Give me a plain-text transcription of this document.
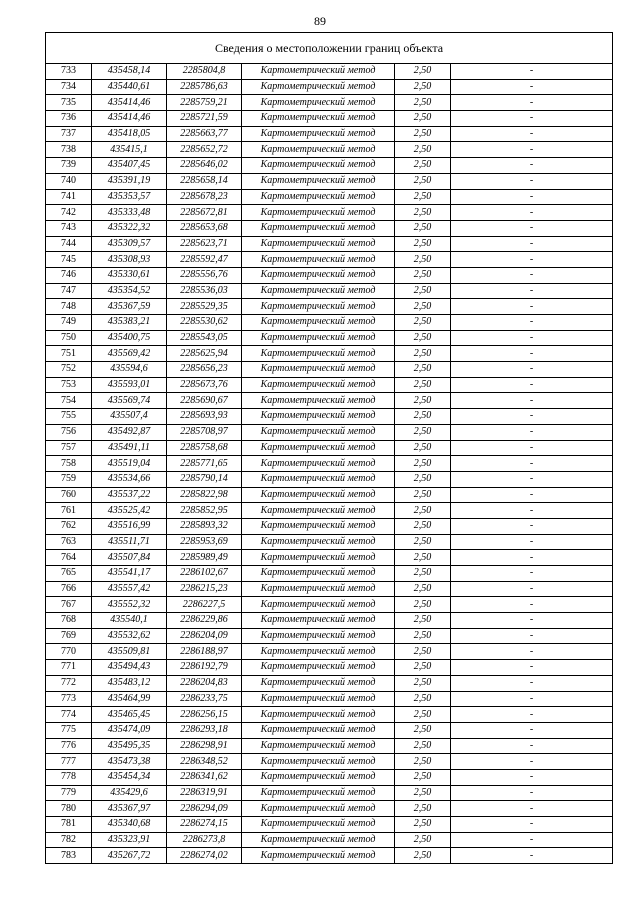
89
Сведения о местоположении границ объекта					
733	435458,14	2285804,8	Картометрический метод	2,50	-
734	435440,61	2285786,63	Картометрический метод	2,50	-
735	435414,46	2285759,21	Картометрический метод	2,50	-
736	435414,46	2285721,59	Картометрический метод	2,50	-
737	435418,05	2285663,77	Картометрический метод	2,50	-
738	435415,1	2285652,72	Картометрический метод	2,50	-
739	435407,45	2285646,02	Картометрический метод	2,50	-
740	435391,19	2285658,14	Картометрический метод	2,50	-
741	435353,57	2285678,23	Картометрический метод	2,50	-
742	435333,48	2285672,81	Картометрический метод	2,50	-
743	435322,32	2285653,68	Картометрический метод	2,50	-
744	435309,57	2285623,71	Картометрический метод	2,50	-
745	435308,93	2285592,47	Картометрический метод	2,50	-
746	435330,61	2285556,76	Картометрический метод	2,50	-
747	435354,52	2285536,03	Картометрический метод	2,50	-
748	435367,59	2285529,35	Картометрический метод	2,50	-
749	435383,21	2285530,62	Картометрический метод	2,50	-
750	435400,75	2285543,05	Картометрический метод	2,50	-
751	435569,42	2285625,94	Картометрический метод	2,50	-
752	435594,6	2285656,23	Картометрический метод	2,50	-
753	435593,01	2285673,76	Картометрический метод	2,50	-
754	435569,74	2285690,67	Картометрический метод	2,50	-
755	435507,4	2285693,93	Картометрический метод	2,50	-
756	435492,87	2285708,97	Картометрический метод	2,50	-
757	435491,11	2285758,68	Картометрический метод	2,50	-
758	435519,04	2285771,65	Картометрический метод	2,50	-
759	435534,66	2285790,14	Картометрический метод	2,50	-
760	435537,22	2285822,98	Картометрический метод	2,50	-
761	435525,42	2285852,95	Картометрический метод	2,50	-
762	435516,99	2285893,32	Картометрический метод	2,50	-
763	435511,71	2285953,69	Картометрический метод	2,50	-
764	435507,84	2285989,49	Картометрический метод	2,50	-
765	435541,17	2286102,67	Картометрический метод	2,50	-
766	435557,42	2286215,23	Картометрический метод	2,50	-
767	435552,32	2286227,5	Картометрический метод	2,50	-
768	435540,1	2286229,86	Картометрический метод	2,50	-
769	435532,62	2286204,09	Картометрический метод	2,50	-
770	435509,81	2286188,97	Картометрический метод	2,50	-
771	435494,43	2286192,79	Картометрический метод	2,50	-
772	435483,12	2286204,83	Картометрический метод	2,50	-
773	435464,99	2286233,75	Картометрический метод	2,50	-
774	435465,45	2286256,15	Картометрический метод	2,50	-
775	435474,09	2286293,18	Картометрический метод	2,50	-
776	435495,35	2286298,91	Картометрический метод	2,50	-
777	435473,38	2286348,52	Картометрический метод	2,50	-
778	435454,34	2286341,62	Картометрический метод	2,50	-
779	435429,6	2286319,91	Картометрический метод	2,50	-
780	435367,97	2286294,09	Картометрический метод	2,50	-
781	435340,68	2286274,15	Картометрический метод	2,50	-
782	435323,91	2286273,8	Картометрический метод	2,50	-
783	435267,72	2286274,02	Картометрический метод	2,50	-
